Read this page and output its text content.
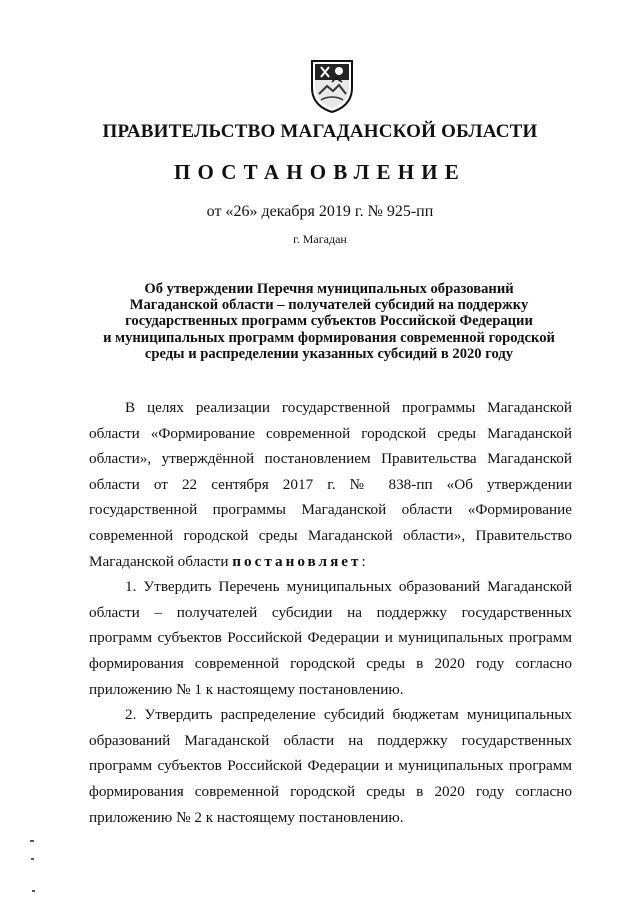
ПРАВИТЕЛЬСТВО МАГАДАНСКОЙ ОБЛАСТИ
ПОСТАНОВЛЕНИЕ
от «26» декабря 2019 г. № 925-пп
г. Магадан
Об утверждении Перечня муниципальных образований
Магаданской области – получателей субсидий на поддержку
государственных программ субъектов Российской Федерации
и муниципальных программ формирования современной городской
среды и распределении указанных субсидий в 2020 году
В целях реализации государственной программы Магаданской
области «Формирование современной городской среды Магаданской
области», утверждённой постановлением Правительства Магаданской
области от 22 сентября 2017 г. № 838-пп «Об утверждении
государственной программы Магаданской области «Формирование
современной городской среды Магаданской области», Правительство
Магаданской области постановляет:
1. Утвердить Перечень муниципальных образований Магаданской
области – получателей субсидии на поддержку государственных
программ субъектов Российской Федерации и муниципальных программ
формирования современной городской среды в 2020 году согласно
приложению № 1 к настоящему постановлению.
2. Утвердить распределение субсидий бюджетам муниципальных
образований Магаданской области на поддержку государственных
программ субъектов Российской Федерации и муниципальных программ
формирования современной городской среды в 2020 году согласно
приложению № 2 к настоящему постановлению.
